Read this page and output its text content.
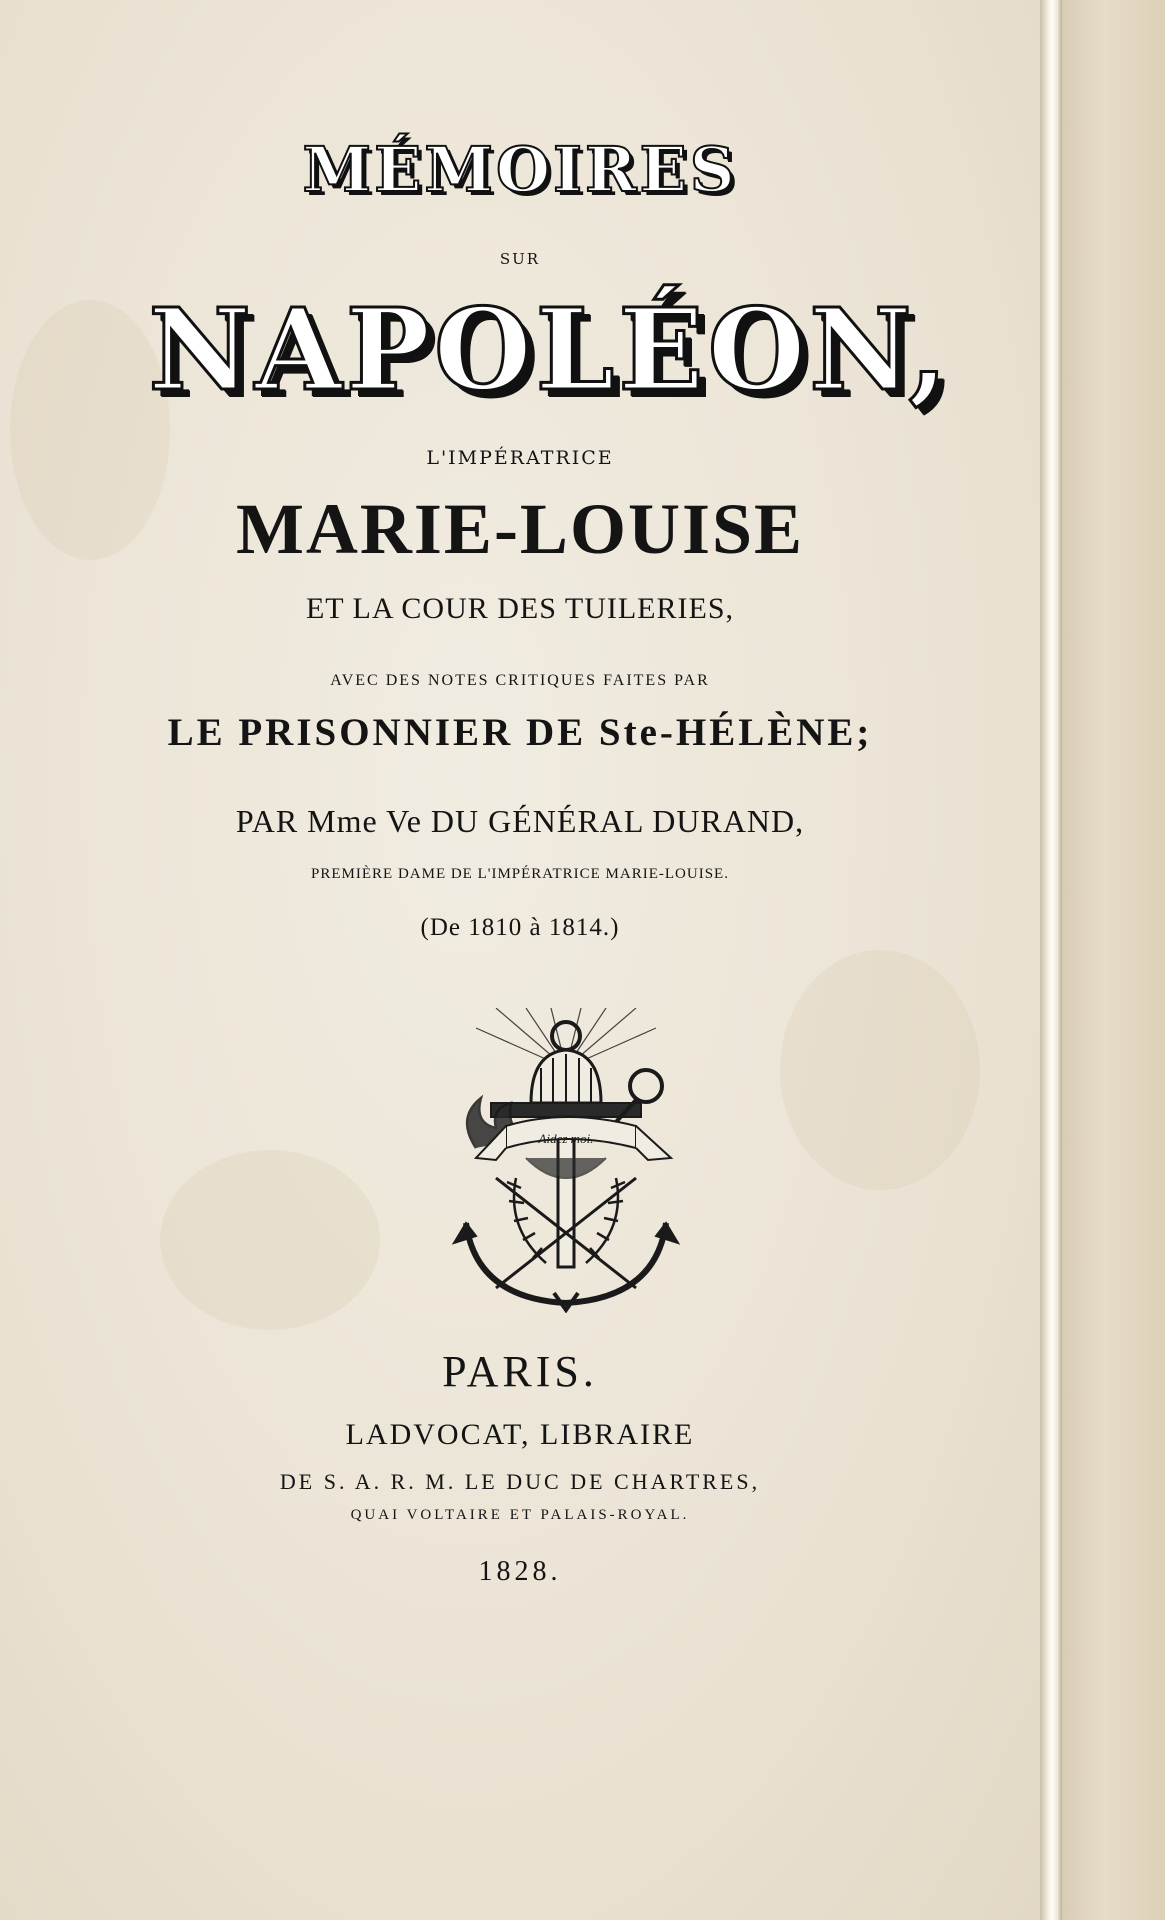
MÉMOIRES
SUR
NAPOLÉON,
L'IMPÉRATRICE
MARIE-LOUISE
ET LA COUR DES TUILERIES,
AVEC DES NOTES CRITIQUES FAITES PAR
LE PRISONNIER DE Ste-HÉLÈNE;
PAR Mme Ve DU GÉNÉRAL DURAND,
PREMIÈRE DAME DE L'IMPÉRATRICE MARIE-LOUISE.
(De 1810 à 1814.)
Aidez moi.
PARIS.
LADVOCAT, LIBRAIRE
DE S. A. R. M. LE DUC DE CHARTRES,
QUAI VOLTAIRE ET PALAIS-ROYAL.
1828.
